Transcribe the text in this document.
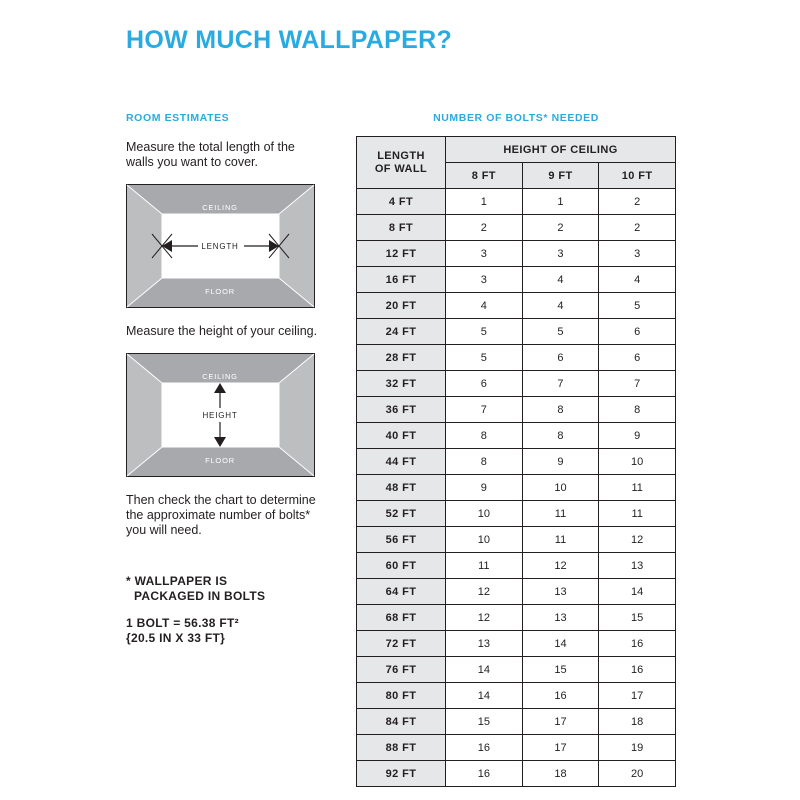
HOW MUCH WALLPAPER?
ROOM ESTIMATES

Measure the total length of the walls you want to cover.

LENGTH
CEILING
FLOOR

Measure the height of your ceiling.

HEIGHT
CEILING
FLOOR

Then check the chart to determine the approximate number of bolts* you will need.

* WALLPAPER IS
PACKAGED IN BOLTS
1 BOLT = 56.38 FT²
{20.5 IN X 33 FT}
NUMBER OF BOLTS* NEEDED
LENGTH
OF WALL	HEIGHT OF CEILING		
	8 FT	9 FT	10 FT
4 FT	1	1	2
8 FT	2	2	2
12 FT	3	3	3
16 FT	3	4	4
20 FT	4	4	5
24 FT	5	5	6
28 FT	5	6	6
32 FT	6	7	7
36 FT	7	8	8
40 FT	8	8	9
44 FT	8	9	10
48 FT	9	10	11
52 FT	10	11	11
56 FT	10	11	12
60 FT	11	12	13
64 FT	12	13	14
68 FT	12	13	15
72 FT	13	14	16
76 FT	14	15	16
80 FT	14	16	17
84 FT	15	17	18
88 FT	16	17	19
92 FT	16	18	20
